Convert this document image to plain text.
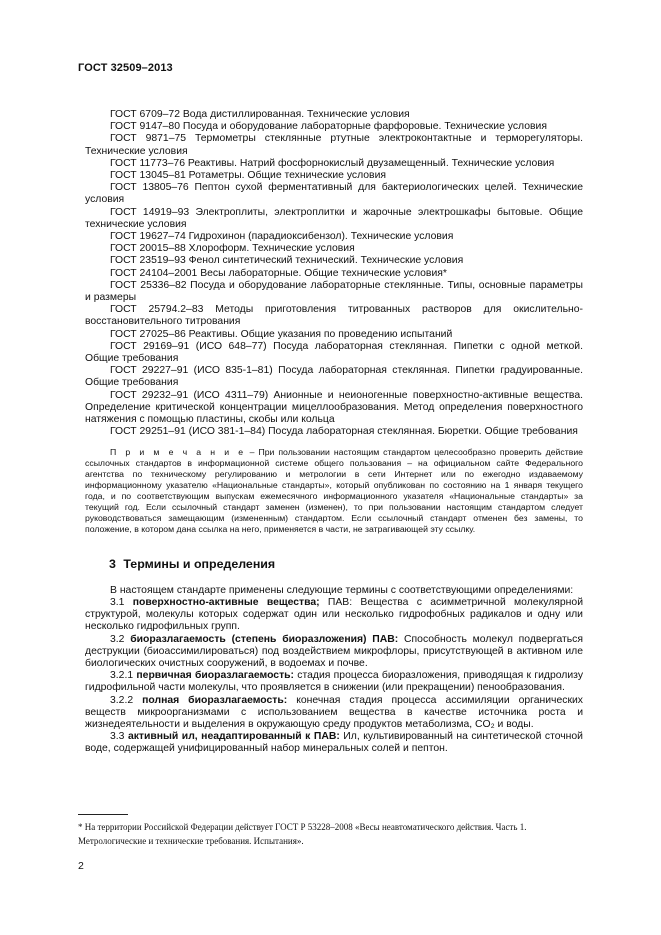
ГОСТ 32509–2013

ГОСТ 6709–72 Вода дистиллированная. Технические условия

ГОСТ 9147–80 Посуда и оборудование лабораторные фарфоровые. Технические условия

ГОСТ 9871–75 Термометры стеклянные ртутные электроконтактные и терморегуляторы. Технические условия

ГОСТ 11773–76 Реактивы. Натрий фосфорнокислый двузамещенный. Технические условия

ГОСТ 13045–81 Ротаметры. Общие технические условия

ГОСТ 13805–76 Пептон сухой ферментативный для бактериологических целей. Технические условия

ГОСТ 14919–93 Электроплиты, электроплитки и жарочные электрошкафы бытовые. Общие технические условия

ГОСТ 19627–74 Гидрохинон (парадиоксибензол). Технические условия

ГОСТ 20015–88 Хлороформ. Технические условия

ГОСТ 23519–93 Фенол синтетический технический. Технические условия

ГОСТ 24104–2001 Весы лабораторные. Общие технические условия*

ГОСТ 25336–82 Посуда и оборудование лабораторные стеклянные. Типы, основные параметры и размеры

ГОСТ 25794.2–83 Методы приготовления титрованных растворов для окислительно-восстановительного титрования

ГОСТ 27025–86 Реактивы. Общие указания по проведению испытаний

ГОСТ 29169–91 (ИСО 648–77) Посуда лабораторная стеклянная. Пипетки с одной меткой. Общие требования

ГОСТ 29227–91 (ИСО 835-1–81) Посуда лабораторная стеклянная. Пипетки градуированные. Общие требования

ГОСТ 29232–91 (ИСО 4311–79) Анионные и неионогенные поверхностно-активные вещества. Определение критической концентрации мицеллообразования. Метод определения поверхностного натяжения с помощью пластины, скобы или кольца

ГОСТ 29251–91 (ИСО 381-1–84) Посуда лабораторная стеклянная. Бюретки. Общие требования

П р и м е ч а н и е – При пользовании настоящим стандартом целесообразно проверить действие ссылочных стандартов в информационной системе общего пользования – на официальном сайте Федерального агентства по техническому регулированию и метрологии в сети Интернет или по ежегодно издаваемому информационному указателю «Национальные стандарты», который опубликован по состоянию на 1 января текущего года, и по соответствующим выпускам ежемесячного информационного указателя «Национальные стандарты» за текущий год. Если ссылочный стандарт заменен (изменен), то при пользовании настоящим стандартом следует руководствоваться замещающим (измененным) стандартом. Если ссылочный стандарт отменен без замены, то положение, в котором дана ссылка на него, применяется в части, не затрагивающей эту ссылку.

3 Термины и определения

В настоящем стандарте применены следующие термины с соответствующими определениями:

3.1 поверхностно-активные вещества; ПАВ: Вещества с асимметричной молекулярной структурой, молекулы которых содержат один или несколько гидрофобных радикалов и одну или несколько гидрофильных групп.

3.2 биоразлагаемость (степень биоразложения) ПАВ: Способность молекул подвергаться деструкции (биоассимилироваться) под воздействием микрофлоры, присутствующей в активном иле биологических очистных сооружений, в водоемах и почве.

3.2.1 первичная биоразлагаемость: стадия процесса биоразложения, приводящая к гидролизу гидрофильной части молекулы, что проявляется в снижении (или прекращении) пенообразования.

3.2.2 полная биоразлагаемость: конечная стадия процесса ассимиляции органических веществ микроорганизмами с использованием вещества в качестве источника роста и жизнедеятельности и выделения в окружающую среду продуктов метаболизма, CO₂ и воды.

3.3 активный ил, неадаптированный к ПАВ: Ил, культивированный на синтетической сточной воде, содержащей унифицированный набор минеральных солей и пептон.

* На территории Российской Федерации действует ГОСТ Р 53228–2008 «Весы неавтоматического действия. Часть 1. Метрологические и технические требования. Испытания».
2
